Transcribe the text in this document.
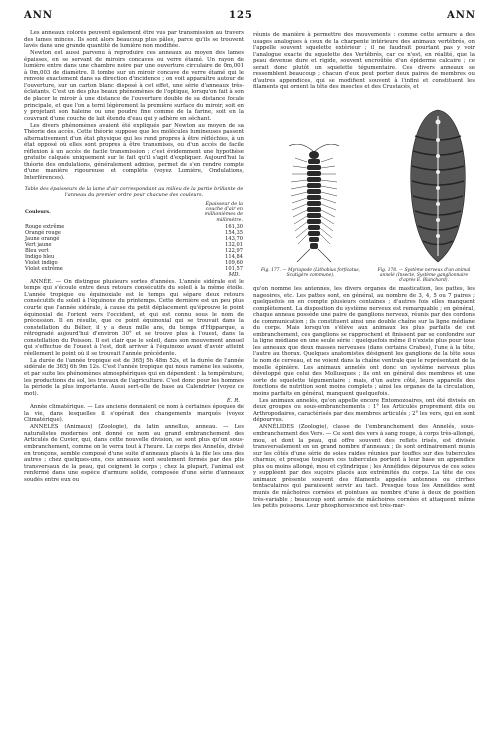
ANN	125	ANN

Les anneaux colorés peuvent également être vus par transmission au travers des lames minces. Ils sont alors beaucoup plus pâles, parce qu'ils se trouvent lavés dans une grande quantité de lumière non modifiée.

Newton est aussi parvenu à reproduire ces anneaux au moyen des lames épaisses, en se servant de miroirs concaves ou verre étamé. Un rayon de lumière entre dans une chambre noire par une ouverture circulaire de 0m,001 à 0m,003 de diamètre. Il tombe sur un miroir concave de verre étamé qui le renvoie exactement dans sa direction d'incidence ; on voit apparaître autour de l'ouverture, sur un carton blanc disposé à cet effet, une série d'anneaux très-éclatants. C'est un des plus beaux phénomènes de l'optique, lorsqu'on fait à son de placer le miroir à une distance de l'ouverture double de sa distance focale principale, et que l'on a terni légèrement la première surface du miroir, soit en y projetant son haleine ou une poudre fine comme de la farine, soit en la couvrant d'une couche de lait étendu d'eau qui y adhère en séchant.

Les divers phénomènes avaient été expliqués par Newton au moyen de sa Théorie des accès. Cette théorie suppose que les molécules lumineuses passent alternativement d'un état physique qui les rend propres à être réfléchies, à un état opposé où elles sont propres à être transmises, ou d'un accès de facile réflexion à un accès de facile transmission ; c'est évidemment une hypothèse gratuite calquée uniquement sur le fait qu'il s'agit d'expliquer. Aujourd'hui la théorie des ondulations, généralement admise, permet de s'en rendre compte d'une manière rigoureuse et complète (voyez Lumière, Ondulations, Interférences).

Table des épaisseurs de la lame d'air correspondant au milieu de la partie brillante de l'anneau du premier ordre pour chacune des couleurs.
Couleurs.	Épaisseur de la couche d'air en millionièmes de millimètre.
Rouge extrême	161,30
Orangé rouge	154,35
Jaune orangé	143,70
Vert jaune	132,01
Bleu vert	122,97
Indigo bleu	114,84
Violet indigo	109,60
Violet extrême	101,57
MD.

ANNÉE. — On distingue plusieurs sortes d'années. L'année sidérale est le temps qui s'écoule entre deux retours consécutifs du soleil à la même étoile. L'année tropique ou équinoxiale est le temps qui sépare deux retours consécutifs du soleil à l'équinoxe du printemps. Cette dernière est un peu plus courte que l'année sidérale, à cause du petit déplacement qu'éprouve le point équinoxial de l'orient vers l'occident, et qui est connu sous le nom de précession. Il en résulte, que ce point équinoxial qui se trouvait dans la constellation du Bélier, il y a deux mille ans, du temps d'Hipparque, a rétrogradé aujourd'hui d'environ 30° et se trouve plus à l'ouest, dans la constellation du Poisson. Il est clair que le soleil, dans son mouvement annuel qui s'effectue de l'ouest à l'est, doit arriver à l'équinoxe avant d'avoir atteint réellement le point où il se trouvait l'année précédente.

La durée de l'année tropique est de 365j 5h 48m 52s, et la durée de l'année sidérale de 365j 6h 9m 12s. C'est l'année tropique qui nous ramène les saisons, et par suite les phénomènes atmosphériques qui en dépendent : la température, les productions du sol, les travaux de l'agriculture. C'est donc pour les hommes la période la plus importante. Aussi sert-elle de base au Calendrier (voyez ce mot).

E. R.

Année climatérique. — Les anciens donnaient ce nom à certaines époques de la vie, dans lesquelles il s'opérait des changements marqués (voyez Climatérique).

ANNELÉS (Animaux) (Zoologie), du latin annellus, anneau. — Les naturalistes modernes ont donné ce nom au grand embranchement des Articulés de Cuvier, qui, dans cette nouvelle division, se sont plus qu'un sous-embranchement, comme on le verra tout à l'heure. Le corps des Annelés, divisé en tronçons, semble composé d'une suite d'anneaux placés à la file les uns des autres ; chez quelques-uns, ces anneaux sont seulement formés par des plis transversaux de la peau, qui ceignent le corps ; chez la plupart, l'animal est renfermé dans une espèce d'armure solide, composée d'une série d'anneaux soudés entre eux ou

réunis de manière à permettre des mouvements : comme cette armure a des usages analogues à ceux de la charpente intérieure des animaux vertébrés, on l'appelle souvent squelette extérieur ; il ne faudrait pourtant pas y voir l'analogue exacte du squelette des Vertébrés, car ce n'est, en réalité, que la peau devenue dure et rigide, souvent encroûtée d'un épiderme calcaire ; ce serait donc plutôt un squelette tégumentaire. Ces divers anneaux se ressemblent beaucoup ; chacun d'eux peut porter deux paires de membres ou d'autres appendices, qui se modifient souvent à l'infini et constituent les filaments qui ornent la tête des insectes et des Crustacés, et
Fig. 177. — Myriapode (Lithobius forficatus, Scutigère commune).
Fig. 178. — Système nerveux d'un animal annelé (Insecte, Système ganglionnaire d'après E. Blanchard).

qu'on nomme les antennes, les divers organes de mastication, les pattes, les nageoires, etc. Les pattes sont, en général, au nombre de 3, 4, 5 ou 7 paires ; quelquefois on en compte plusieurs centaines ; d'autres fois elles manquent complètement. La disposition du système nerveux est remarquable ; en général, chaque anneau possède une paire de ganglions nerveux, réunis par des cordons de communication ; ils constituent ainsi une double chaîne sur la ligne médiane du corps. Mais lorsqu'on s'élève aux animaux les plus parfaits de cet embranchement, ces ganglions se rapprochent et finissent par se confondre sur la ligne médiane en une seule série : quelquefois même il n'existe plus pour tous les anneaux que deux masses nerveuses (dans certains Crabes), l'une à la tête, l'autre au thorax. Quelques anatomistes désignent les ganglions de la tête sous le nom de cerveau, et ne voient dans la chaîne ventrale que le représentant de la moelle épinière. Les animaux annelés ont donc un système nerveux plus développé que celui des Mollusques ; ils ont en général des membres et une sorte de squelette tégumentaire ; mais, d'un autre côté, leurs appareils des fonctions de nutrition sont moins complets ; ainsi les organes de la circulation, moins parfaits en général, manquent quelquefois.

Les animaux annelés, qu'on appelle encore Entomozoaires, ont été divisés en deux groupes ou sous-embranchements : 1° les Articulés proprement dits ou Arthropodaires, caractérisés par des membres articulés ; 2° les vers, qui en sont dépourvus.

ANNÉLIDES (Zoologie), classe de l'embranchement des Annelés, sous-embranchement des Vers. — Ce sont des vers à sang rouge, à corps très-allongé, mou, et dont la peau, qui offre souvent des reflets irisés, est divisée transversalement en un grand nombre d'anneaux ; ils sont ordinairement munis sur les côtés d'une série de soies raides réunies par touffes sur des tubercules charnus, et presque toujours ces tubercules portent à leur base un appendice plus ou moins allongé, mou et cylindrique ; les Annélides dépourvus de ces soies y suppléent par des suçoirs placés aux extrémités du corps. La tête de ces animaux présente souvent des filaments appelés antennes ou cirrhes tentaculaires qui paraissent servir au tact. Presque tous les Annélides sont munis de mâchoires cornées et pointues au nombre d'une à deux de position très-variable ; beaucoup sont armés de mâchoires cornées et attaquent même les petits poissons. Leur phosphorescence est très-mar-
